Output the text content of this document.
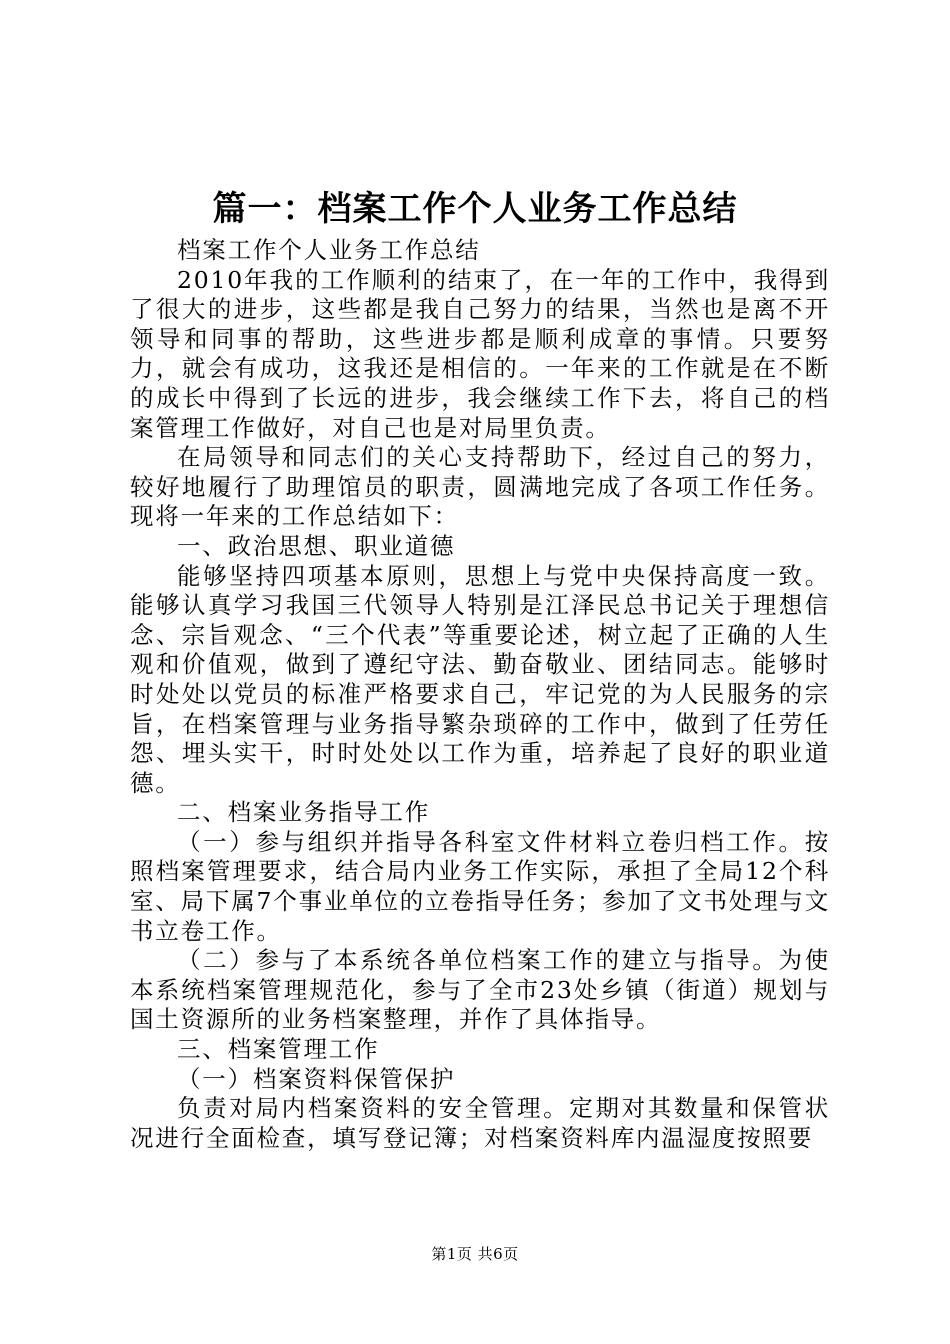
篇一：档案工作个人业务工作总结

档案工作个人业务工作总结

2010年我的工作顺利的结束了，在一年的工作中，我得到了很大的进步，这些都是我自己努力的结果，当然也是离不开领导和同事的帮助，这些进步都是顺利成章的事情。只要努力，就会有成功，这我还是相信的。一年来的工作就是在不断的成长中得到了长远的进步，我会继续工作下去，将自己的档案管理工作做好，对自己也是对局里负责。

在局领导和同志们的关心支持帮助下，经过自己的努力，较好地履行了助理馆员的职责，圆满地完成了各项工作任务。现将一年来的工作总结如下：

一、政治思想、职业道德

能够坚持四项基本原则，思想上与党中央保持高度一致。能够认真学习我国三代领导人特别是江泽民总书记关于理想信念、宗旨观念、“三个代表”等重要论述，树立起了正确的人生观和价值观，做到了遵纪守法、勤奋敬业、团结同志。能够时时处处以党员的标准严格要求自己，牢记党的为人民服务的宗旨，在档案管理与业务指导繁杂琐碎的工作中，做到了任劳任怨、埋头实干，时时处处以工作为重，培养起了良好的职业道德。

二、档案业务指导工作

（一）参与组织并指导各科室文件材料立卷归档工作。按照档案管理要求，结合局内业务工作实际，承担了全局12个科室、局下属7个事业单位的立卷指导任务；参加了文书处理与文书立卷工作。

（二）参与了本系统各单位档案工作的建立与指导。为使本系统档案管理规范化，参与了全市23处乡镇（街道）规划与国土资源所的业务档案整理，并作了具体指导。

三、档案管理工作

（一）档案资料保管保护

负责对局内档案资料的安全管理。定期对其数量和保管状况进行全面检查，填写登记簿；对档案资料库内温湿度按照要

第1页 共6页
